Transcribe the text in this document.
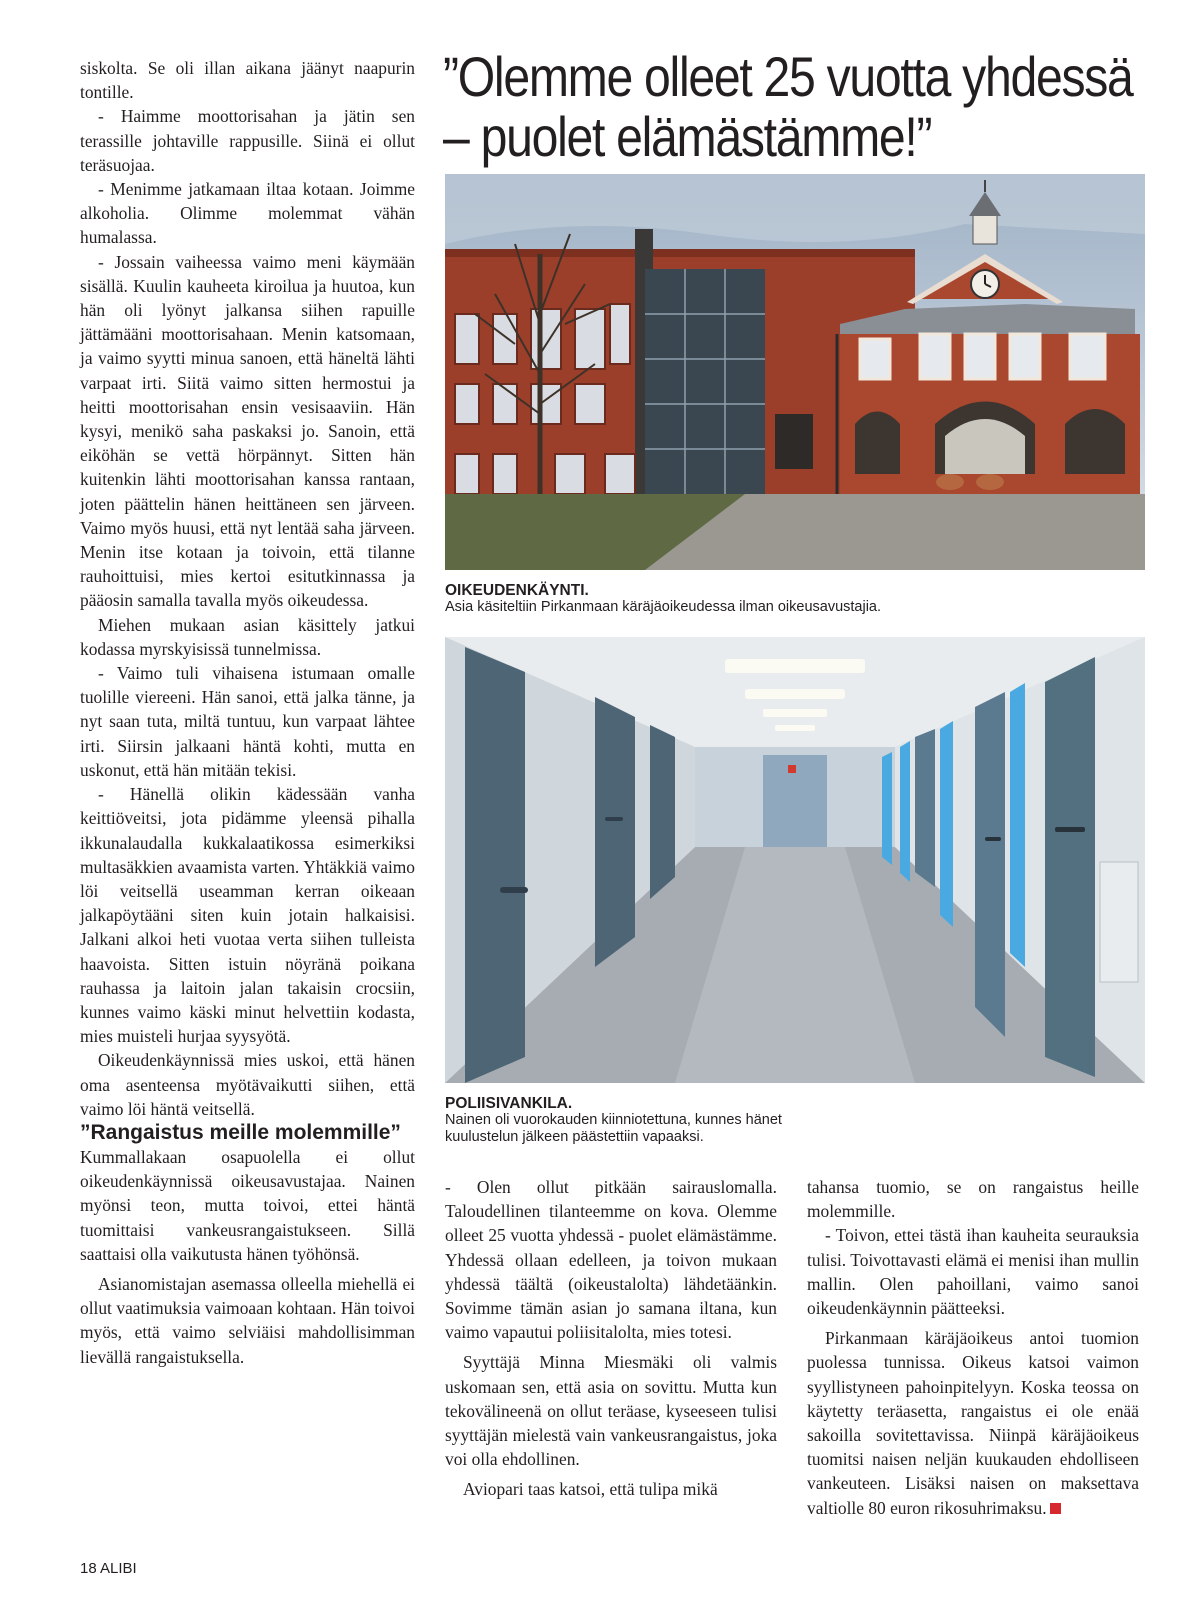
”Olemme olleet 25 vuotta yhdessä
– puolet elämästämme!”

siskolta. Se oli illan aikana jäänyt naapurin tontille.

- Haimme moottorisahan ja jätin sen terassille johtaville rappusille. Siinä ei ollut teräsuojaa.

- Menimme jatkamaan iltaa kotaan. Joimme alkoholia. Olimme molemmat vähän humalassa.

- Jossain vaiheessa vaimo meni käymään sisällä. Kuulin kauheeta kiroilua ja huutoa, kun hän oli lyönyt jalkansa siihen rapuille jättämääni moottorisahaan. Menin katsomaan, ja vaimo syytti minua sanoen, että häneltä lähti varpaat irti. Siitä vaimo sitten hermostui ja heitti moottorisahan ensin vesisaaviin. Hän kysyi, menikö saha paskaksi jo. Sanoin, että eiköhän se vettä hörpännyt. Sitten hän kuitenkin lähti moottorisahan kanssa rantaan, joten päättelin hänen heittäneen sen järveen. Vaimo myös huusi, että nyt lentää saha järveen. Menin itse kotaan ja toivoin, että tilanne rauhoittuisi, mies kertoi esitutkinnassa ja pääosin samalla tavalla myös oikeudessa.

Miehen mukaan asian käsittely jatkui kodassa myrskyisissä tunnelmissa.

- Vaimo tuli vihaisena istumaan omalle tuolille viereeni. Hän sanoi, että jalka tänne, ja nyt saan tuta, miltä tuntuu, kun varpaat lähtee irti. Siirsin jalkaani häntä kohti, mutta en uskonut, että hän mitään tekisi.

- Hänellä olikin kädessään vanha keittiöveitsi, jota pidämme yleensä pihalla ikkunalaudalla kukkalaatikossa esimerkiksi multasäkkien avaamista varten. Yhtäkkiä vaimo löi veitsellä useamman kerran oikeaan jalkapöytääni siten kuin jotain halkaisisi. Jalkani alkoi heti vuotaa verta siihen tulleista haavoista. Sitten istuin nöyränä poikana rauhassa ja laitoin jalan takaisin crocsiin, kunnes vaimo käski minut helvettiin kodasta, mies muisteli hurjaa syysyötä.

Oikeudenkäynnissä mies uskoi, että hänen oma asenteensa myötävaikutti siihen, että vaimo löi häntä veitsellä.

”Rangaistus meille molemmille”

Kummallakaan osapuolella ei ollut oikeudenkäynnissä oikeusavustajaa. Nainen myönsi teon, mutta toivoi, ettei häntä tuomittaisi vankeusrangaistukseen. Sillä saattaisi olla vaikutusta hänen työhönsä.

Asianomistajan asemassa olleella miehellä ei ollut vaatimuksia vaimoaan kohtaan. Hän toivoi myös, että vaimo selviäisi mahdollisimman lievällä rangaistuksella.

OIKEUDENKÄYNTI.
Asia käsiteltiin Pirkanmaan käräjäoikeudessa ilman oikeusavustajia.
POLIISIVANKILA.
Nainen oli vuorokauden kiinniotettuna, kunnes hänet kuulustelun jälkeen päästettiin vapaaksi.

- Olen ollut pitkään sairauslomalla. Taloudellinen tilanteemme on kova. Olemme olleet 25 vuotta yhdessä - puolet elämästämme. Yhdessä ollaan edelleen, ja toivon mukaan yhdessä täältä (oikeustalolta) lähdetäänkin. Sovimme tämän asian jo samana iltana, kun vaimo vapautui poliisitalolta, mies totesi.

Syyttäjä Minna Miesmäki oli valmis uskomaan sen, että asia on sovittu. Mutta kun tekovälineenä on ollut teräase, kyseeseen tulisi syyttäjän mielestä vain vankeusrangaistus, joka voi olla ehdollinen.

Aviopari taas katsoi, että tulipa mikä

tahansa tuomio, se on rangaistus heille molemmille.

- Toivon, ettei tästä ihan kauheita seurauksia tulisi. Toivottavasti elämä ei menisi ihan mullin mallin. Olen pahoillani, vaimo sanoi oikeudenkäynnin päätteeksi.

Pirkanmaan käräjäoikeus antoi tuomion puolessa tunnissa. Oikeus katsoi vaimon syyllistyneen pahoinpitelyyn. Koska teossa on käytetty teräasetta, rangaistus ei ole enää sakoilla sovitettavissa. Niinpä käräjäoikeus tuomitsi naisen neljän kuukauden ehdolliseen vankeuteen. Lisäksi naisen on maksettava valtiolle 80 euron rikosuhrimaksu.

18 ALIBI
